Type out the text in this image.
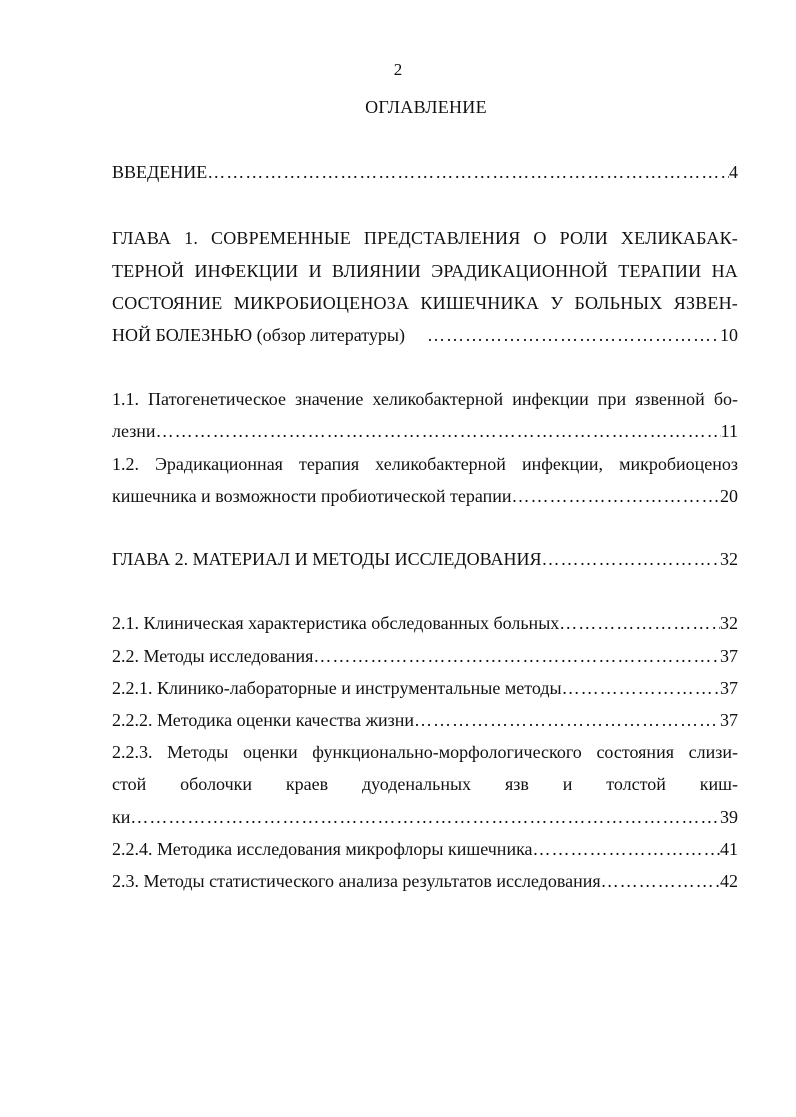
2
ОГЛАВЛЕНИЕ
ВВЕДЕНИЕ …………………………………………………………………………………………………………………………………………………………	4
ГЛАВА 1. СОВРЕМЕННЫЕ ПРЕДСТАВЛЕНИЯ О РОЛИ ХЕЛИКАБАК-
ТЕРНОЙ ИНФЕКЦИИ И ВЛИЯНИИ ЭРАДИКАЦИОННОЙ ТЕРАПИИ НА
СОСТОЯНИЕ МИКРОБИОЦЕНОЗА КИШЕЧНИКА У БОЛЬНЫХ ЯЗВЕН-
НОЙ БОЛЕЗНЬЮ (обзор литературы) …………………………………………………………………………………………………………………………………………………………	10
1.1. Патогенетическое значение хеликобактерной инфекции при язвенной бо-
лезни …………………………………………………………………………………………………………………………………………………………	11
1.2. Эрадикационная терапия хеликобактерной инфекции, микробиоценоз
кишечника и возможности пробиотической терапии …………………………………………………………………………………………………………………………………………………………	20
ГЛАВА 2. МАТЕРИАЛ И МЕТОДЫ ИССЛЕДОВАНИЯ …………………………………………………………………………………………………………………………………………………………	32
2.1. Клиническая характеристика обследованных больных …………………………………………………………………………………………………………………………………………………………	32
2.2. Методы исследования …………………………………………………………………………………………………………………………………………………………	37
2.2.1. Клинико-лабораторные и инструментальные методы …………………………………………………………………………………………………………………………………………………………	37
2.2.2. Методика оценки качества жизни …………………………………………………………………………………………………………………………………………………………	37
2.2.3. Методы оценки функционально-морфологического состояния слизи-
стой оболочки краев дуоденальных язв и толстой киш-
ки …………………………………………………………………………………………………………………………………………………………	39
2.2.4. Методика исследования микрофлоры кишечника …………………………………………………………………………………………………………………………………………………………	41
2.3. Методы статистического анализа результатов исследования …………………………………………………………………………………………………………………………………………………………	42
